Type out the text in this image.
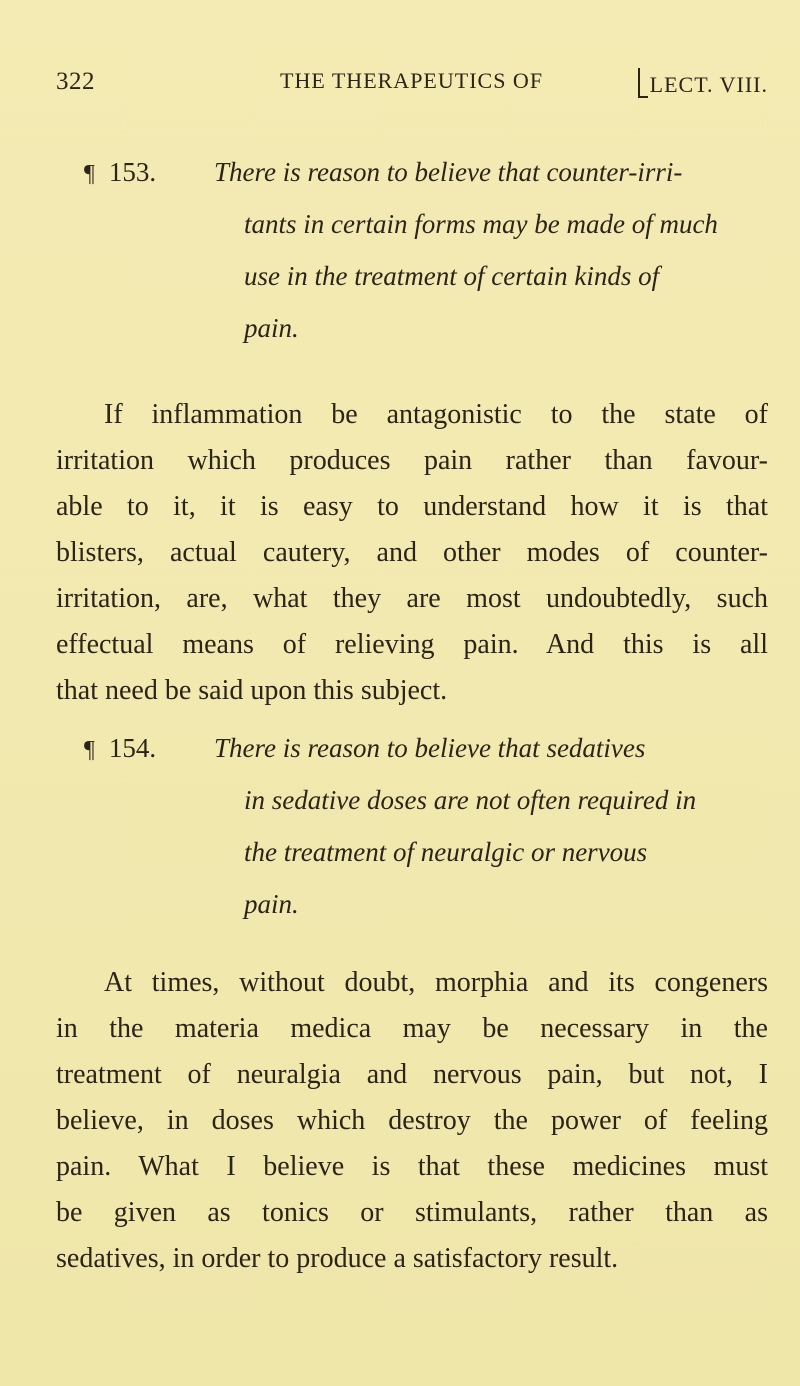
322	THE THERAPEUTICS OF	LECT. VIII.
¶ 153.	There is reason to believe that counter-irri-
tants in certain forms may be made of much
use in the treatment of certain kinds of
pain.
If inflammation be antagonistic to the state of
irritation which produces pain rather than favour-
able to it, it is easy to understand how it is that
blisters, actual cautery, and other modes of counter-
irritation, are, what they are most undoubtedly, such
effectual means of relieving pain. And this is all
that need be said upon this subject.
¶ 154.	There is reason to believe that sedatives
in sedative doses are not often required in
the treatment of neuralgic or nervous
pain.
At times, without doubt, morphia and its congeners
in the materia medica may be necessary in the
treatment of neuralgia and nervous pain, but not, I
believe, in doses which destroy the power of feeling
pain. What I believe is that these medicines must
be given as tonics or stimulants, rather than as
sedatives, in order to produce a satisfactory result.
